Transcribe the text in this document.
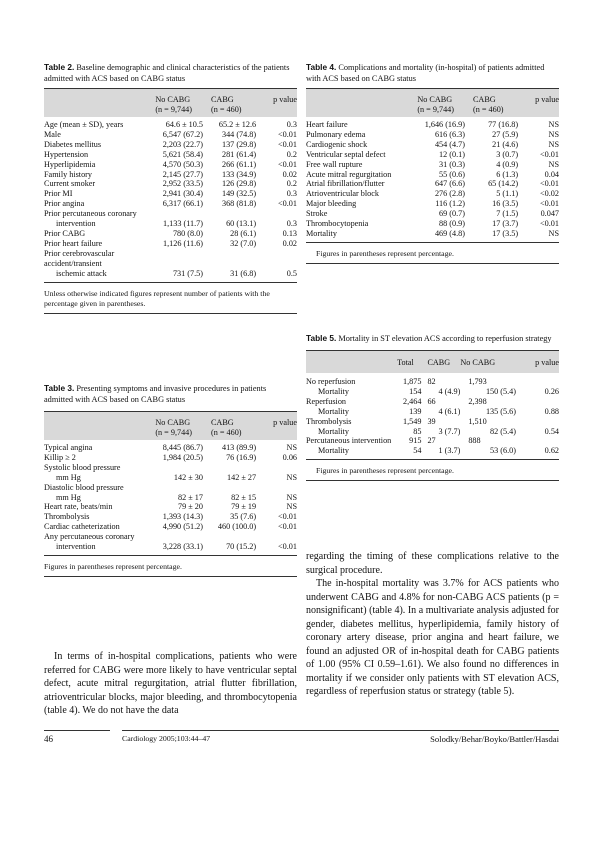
Table 2. Baseline demographic and clinical characteristics of the patients admitted with ACS based on CABG status

	No CABG	CABG	p value
	(n = 9,744)	(n = 460)	
Age (mean ± SD), years	64.6 ± 10.5	65.2 ± 12.6	0.3
Male	6,547 (67.2)	344 (74.8)	<0.01
Diabetes mellitus	2,203 (22.7)	137 (29.8)	<0.01
Hypertension	5,621 (58.4)	281 (61.4)	0.2
Hyperlipidemia	4,570 (50.3)	266 (61.1)	<0.01
Family history	2,145 (27.7)	133 (34.9)	0.02
Current smoker	2,952 (33.5)	126 (29.8)	0.2
Prior MI	2,941 (30.4)	149 (32.5)	0.3
Prior angina	6,317 (66.1)	368 (81.8)	<0.01
Prior percutaneous coronary			
intervention	1,133 (11.7)	60 (13.1)	0.3
Prior CABG	780 (8.0)	28 (6.1)	0.13
Prior heart failure	1,126 (11.6)	32 (7.0)	0.02
Prior cerebrovascular			
accident/transient			
ischemic attack	731 (7.5)	31 (6.8)	0.5
Unless otherwise indicated figures represent number of patients with the percentage given in parentheses.

Table 3. Presenting symptoms and invasive procedures in patients admitted with ACS based on CABG status

	No CABG	CABG	p value
	(n = 9,744)	(n = 460)	
Typical angina	8,445 (86.7)	413 (89.9)	NS
Killip ≥ 2	1,984 (20.5)	76 (16.9)	0.06
Systolic blood pressure			
mm Hg	142 ± 30	142 ± 27	NS
Diastolic blood pressure			
mm Hg	82 ± 17	82 ± 15	NS
Heart rate, beats/min	79 ± 20	79 ± 19	NS
Thrombolysis	1,393 (14.3)	35 (7.6)	<0.01
Cardiac catheterization	4,990 (51.2)	460 (100.0)	<0.01
Any percutaneous coronary			
intervention	3,228 (33.1)	70 (15.2)	<0.01
Figures in parentheses represent percentage.
In terms of in-hospital complications, patients who were referred for CABG were more likely to have ventricular septal defect, acute mitral regurgitation, atrial flutter fibrillation, atrioventricular blocks, major bleeding, and thrombocytopenia (table 4). We do not have the data

Table 4. Complications and mortality (in-hospital) of patients admitted with ACS based on CABG status

	No CABG	CABG	p value
	(n = 9,744)	(n = 460)	
Heart failure	1,646 (16.9)	77 (16.8)	NS
Pulmonary edema	616 (6.3)	27 (5.9)	NS
Cardiogenic shock	454 (4.7)	21 (4.6)	NS
Ventricular septal defect	12 (0.1)	3 (0.7)	<0.01
Free wall rupture	31 (0.3)	4 (0.9)	NS
Acute mitral regurgitation	55 (0.6)	6 (1.3)	0.04
Atrial fibrillation/flutter	647 (6.6)	65 (14.2)	<0.01
Atrioventricular block	276 (2.8)	5 (1.1)	<0.02
Major bleeding	116 (1.2)	16 (3.5)	<0.01
Stroke	69 (0.7)	7 (1.5)	0.047
Thrombocytopenia	88 (0.9)	17 (3.7)	<0.01
Mortality	469 (4.8)	17 (3.5)	NS
Figures in parentheses represent percentage.

Table 5. Mortality in ST elevation ACS according to reperfusion strategy

	Total	CABG	No CABG	p value
No reperfusion	1,875	82	1,793	
Mortality	154	4 (4.9)	150 (5.4)	0.26
Reperfusion	2,464	66	2,398	
Mortality	139	4 (6.1)	135 (5.6)	0.88
Thrombolysis	1,549	39	1,510	
Mortality	85	3 (7.7)	82 (5.4)	0.54
Percutaneous intervention	915	27	888	
Mortality	54	1 (3.7)	53 (6.0)	0.62
Figures in parentheses represent percentage.
regarding the timing of these complications relative to the surgical procedure.
The in-hospital mortality was 3.7% for ACS patients who underwent CABG and 4.8% for non-CABG ACS patients (p = nonsignificant) (table 4). In a multivariate analysis adjusted for gender, diabetes mellitus, hyperlipidemia, family history of coronary artery disease, prior angina and heart failure, we found an adjusted OR of in-hospital death for CABG patients of 1.00 (95% CI 0.59–1.61). We also found no differences in mortality if we consider only patients with ST elevation ACS, regardless of reperfusion status or strategy (table 5).
46	Cardiology 2005;103:44–47	Solodky/Behar/Boyko/Battler/Hasdai
